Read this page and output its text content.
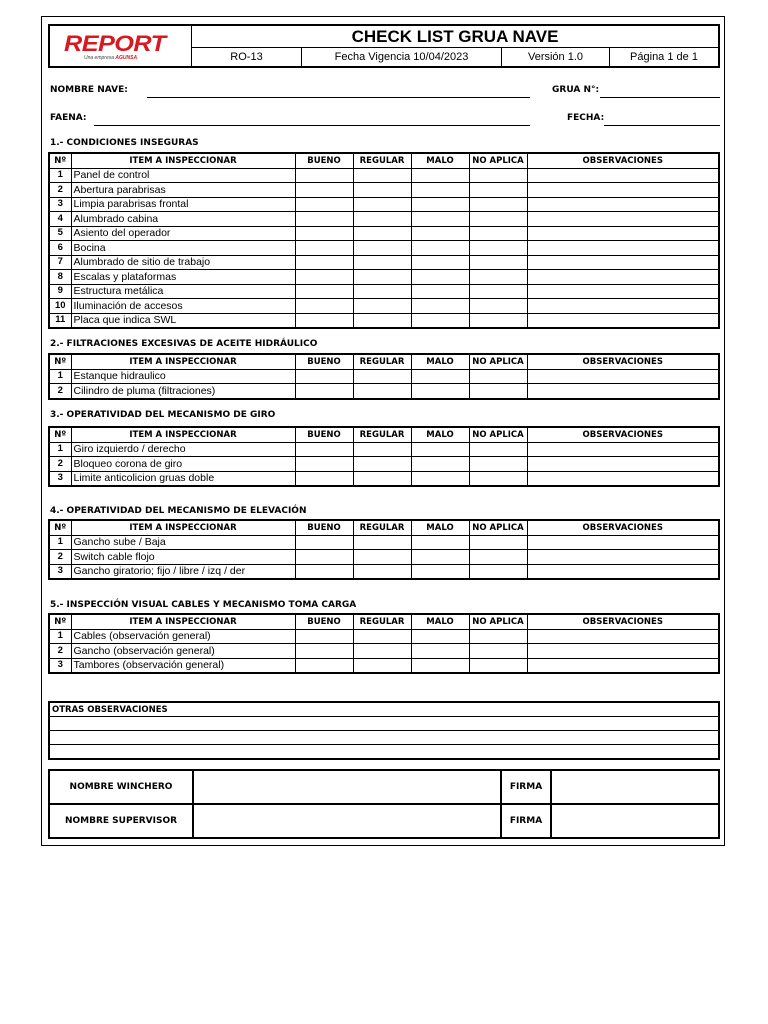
REPORT
Una empresa AGUNSA
CHECK LIST GRUA NAVE
RO-13	Fecha Vigencia 10/04/2023	Versión 1.0	Página 1 de 1
NOMBRE NAVE:	GRUA N°:
FAENA:	FECHA:
1.- CONDICIONES INSEGURAS
Nº	ITEM A INSPECCIONAR	BUENO	REGULAR	MALO	NO APLICA	OBSERVACIONES
1	Panel de control					
2	Abertura parabrisas					
3	Limpia parabrisas frontal					
4	Alumbrado cabina					
5	Asiento del operador					
6	Bocina					
7	Alumbrado de sitio de trabajo					
8	Escalas y plataformas					
9	Estructura metálica					
10	Iluminación de accesos					
11	Placa que indica SWL					
2.- FILTRACIONES EXCESIVAS DE ACEITE HIDRÁULICO
Nº	ITEM A INSPECCIONAR	BUENO	REGULAR	MALO	NO APLICA	OBSERVACIONES
1	Estanque hidraulico					
2	Cilindro de pluma (filtraciones)					
3.- OPERATIVIDAD DEL MECANISMO DE GIRO
Nº	ITEM A INSPECCIONAR	BUENO	REGULAR	MALO	NO APLICA	OBSERVACIONES
1	Giro izquierdo / derecho					
2	Bloqueo corona de giro					
3	Limite anticolicion gruas doble					
4.- OPERATIVIDAD DEL MECANISMO DE ELEVACIÓN
Nº	ITEM A INSPECCIONAR	BUENO	REGULAR	MALO	NO APLICA	OBSERVACIONES
1	Gancho sube / Baja					
2	Switch cable flojo					
3	Gancho giratorio; fijo / libre / izq / der					
5.- INSPECCIÓN VISUAL CABLES Y MECANISMO TOMA CARGA
Nº	ITEM A INSPECCIONAR	BUENO	REGULAR	MALO	NO APLICA	OBSERVACIONES
1	Cables (observación general)					
2	Gancho (observación general)					
3	Tambores (observación general)					
OTRAS OBSERVACIONES

NOMBRE WINCHERO		FIRMA	
NOMBRE SUPERVISOR		FIRMA	
